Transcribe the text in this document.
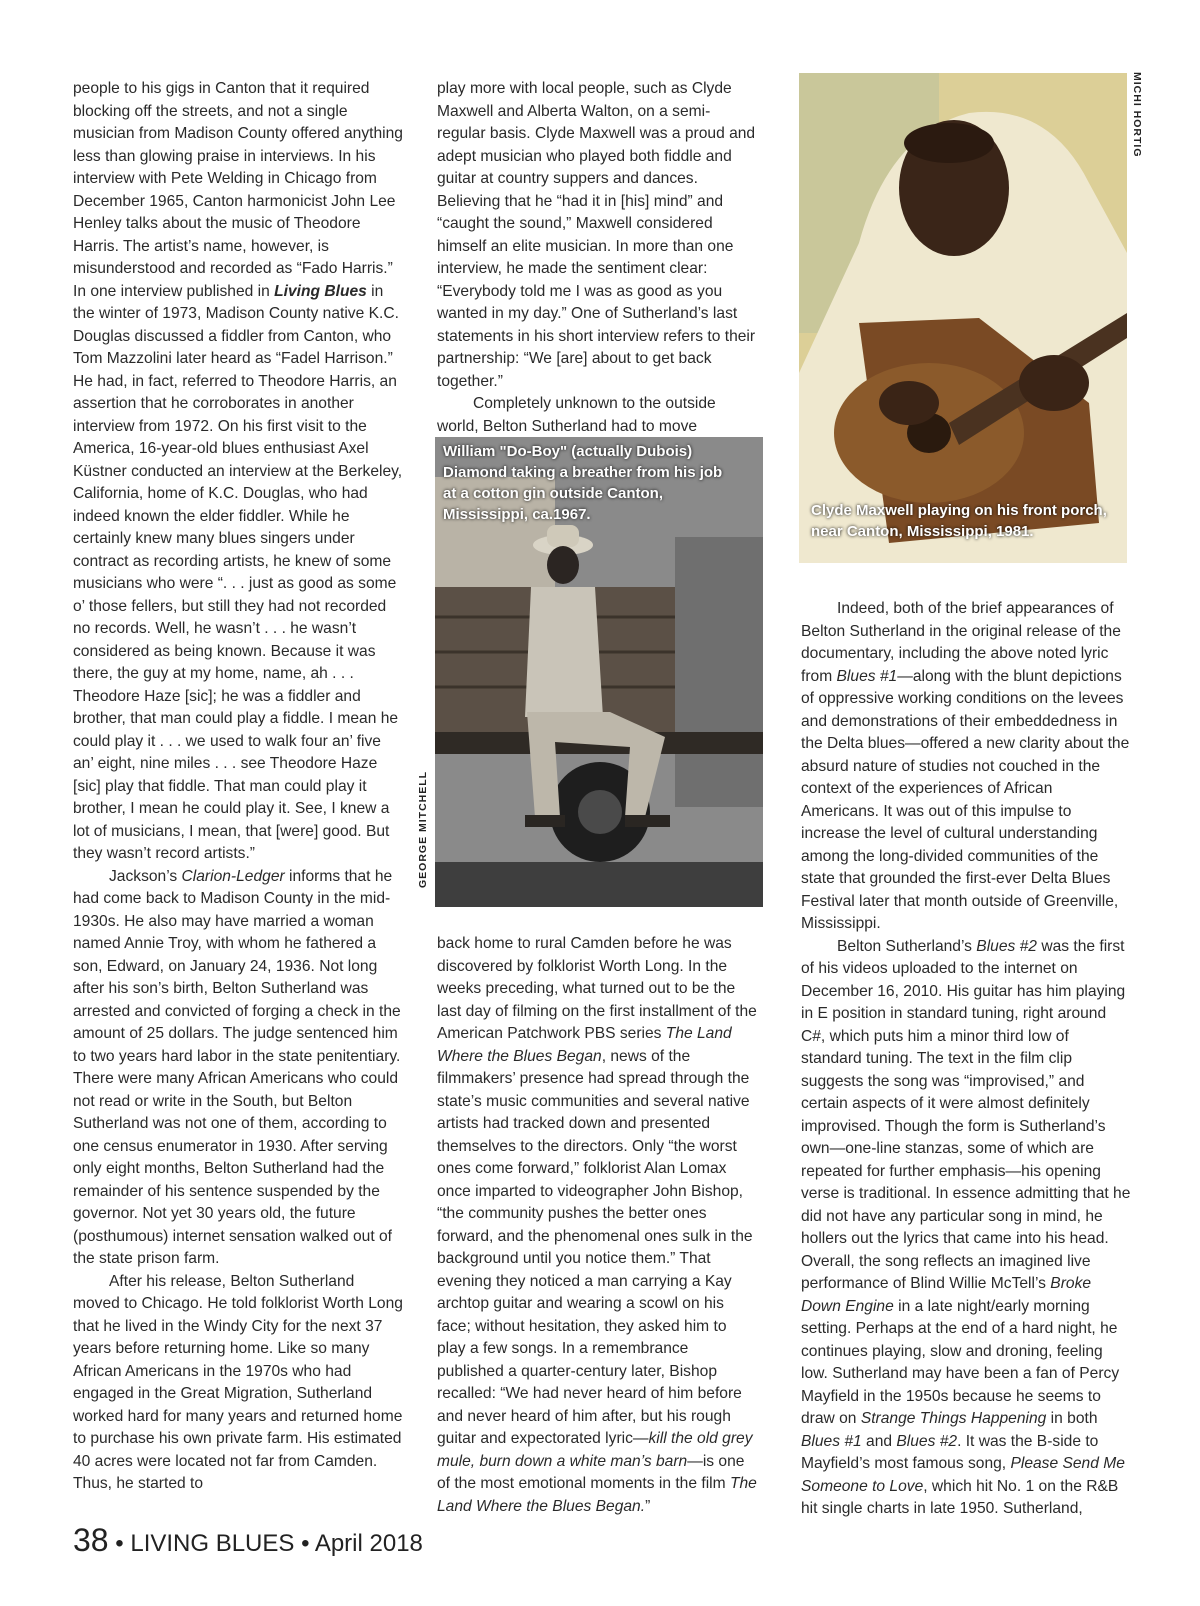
people to his gigs in Canton that it required blocking off the streets, and not a single musician from Madison County offered anything less than glowing praise in interviews. In his interview with Pete Welding in Chicago from December 1965, Canton harmonicist John Lee Henley talks about the music of Theodore Harris. The artist’s name, however, is misunderstood and recorded as “Fado Harris.” In one interview published in Living Blues in the winter of 1973, Madison County native K.C. Douglas discussed a fiddler from Canton, who Tom Mazzolini later heard as “Fadel Harrison.” He had, in fact, referred to Theodore Harris, an assertion that he corroborates in another interview from 1972. On his first visit to the America, 16-year-old blues enthusiast Axel Küstner conducted an interview at the Berkeley, California, home of K.C. Douglas, who had indeed known the elder fiddler. While he certainly knew many blues singers under contract as recording artists, he knew of some musicians who were “. . . just as good as some o’ those fellers, but still they had not recorded no records. Well, he wasn’t . . . he wasn’t considered as being known. Because it was there, the guy at my home, name, ah . . . Theodore Haze [sic]; he was a fiddler and brother, that man could play a fiddle. I mean he could play it . . . we used to walk four an’ five an’ eight, nine miles . . . see Theodore Haze [sic] play that fiddle. That man could play it brother, I mean he could play it. See, I knew a lot of musicians, I mean, that [were] good. But they wasn’t record artists.”

Jackson’s Clarion-Ledger informs that he had come back to Madison County in the mid-1930s. He also may have married a woman named Annie Troy, with whom he fathered a son, Edward, on January 24, 1936. Not long after his son’s birth, Belton Sutherland was arrested and convicted of forging a check in the amount of 25 dollars. The judge sentenced him to two years hard labor in the state penitentiary. There were many African Americans who could not read or write in the South, but Belton Sutherland was not one of them, according to one census enumerator in 1930. After serving only eight months, Belton Sutherland had the remainder of his sentence suspended by the governor. Not yet 30 years old, the future (posthumous) internet sensation walked out of the state prison farm.

After his release, Belton Sutherland moved to Chicago. He told folklorist Worth Long that he lived in the Windy City for the next 37 years before returning home. Like so many African Americans in the 1970s who had engaged in the Great Migration, Sutherland worked hard for many years and returned home to purchase his own private farm. His estimated 40 acres were located not far from Camden. Thus, he started to

play more with local people, such as Clyde Maxwell and Alberta Walton, on a semi-regular basis. Clyde Maxwell was a proud and adept musician who played both fiddle and guitar at country suppers and dances. Believing that he “had it in [his] mind” and “caught the sound,” Maxwell considered himself an elite musician. In more than one interview, he made the sentiment clear: “Everybody told me I was as good as you wanted in my day.” One of Sutherland’s last statements in his short interview refers to their partnership: “We [are] about to get back together.”

Completely unknown to the outside world, Belton Sutherland had to move

William "Do-Boy" (actually Dubois) Diamond taking a breather from his job at a cotton gin outside Canton, Mississippi, ca.1967.
GEORGE MITCHELL
Clyde Maxwell playing on his front porch, near Canton, Mississippi, 1981.
MICHI HORTIG

back home to rural Camden before he was discovered by folklorist Worth Long. In the weeks preceding, what turned out to be the last day of filming on the first installment of the American Patchwork PBS series The Land Where the Blues Began, news of the filmmakers’ presence had spread through the state’s music communities and several native artists had tracked down and presented themselves to the directors. Only “the worst ones come forward,” folklorist Alan Lomax once imparted to videographer John Bishop, “the community pushes the better ones forward, and the phenomenal ones sulk in the background until you notice them.” That evening they noticed a man carrying a Kay archtop guitar and wearing a scowl on his face; without hesitation, they asked him to play a few songs. In a remembrance published a quarter-century later, Bishop recalled: “We had never heard of him before and never heard of him after, but his rough guitar and expectorated lyric—kill the old grey mule, burn down a white man’s barn—is one of the most emotional moments in the film The Land Where the Blues Began.”

Indeed, both of the brief appearances of Belton Sutherland in the original release of the documentary, including the above noted lyric from Blues #1—along with the blunt depictions of oppressive working conditions on the levees and demonstrations of their embeddedness in the Delta blues—offered a new clarity about the absurd nature of studies not couched in the context of the experiences of African Americans. It was out of this impulse to increase the level of cultural understanding among the long-divided communities of the state that grounded the first-ever Delta Blues Festival later that month outside of Greenville, Mississippi.

Belton Sutherland’s Blues #2 was the first of his videos uploaded to the internet on December 16, 2010. His guitar has him playing in E position in standard tuning, right around C#, which puts him a minor third low of standard tuning. The text in the film clip suggests the song was “improvised,” and certain aspects of it were almost definitely improvised. Though the form is Sutherland’s own—one-line stanzas, some of which are repeated for further emphasis—his opening verse is traditional. In essence admitting that he did not have any particular song in mind, he hollers out the lyrics that came into his head. Overall, the song reflects an imagined live performance of Blind Willie McTell’s Broke Down Engine in a late night/early morning setting. Perhaps at the end of a hard night, he continues playing, slow and droning, feeling low. Sutherland may have been a fan of Percy Mayfield in the 1950s because he seems to draw on Strange Things Happening in both Blues #1 and Blues #2. It was the B-side to Mayfield’s most famous song, Please Send Me Someone to Love, which hit No. 1 on the R&B hit single charts in late 1950. Sutherland,

38 • LIVING BLUES • April 2018
